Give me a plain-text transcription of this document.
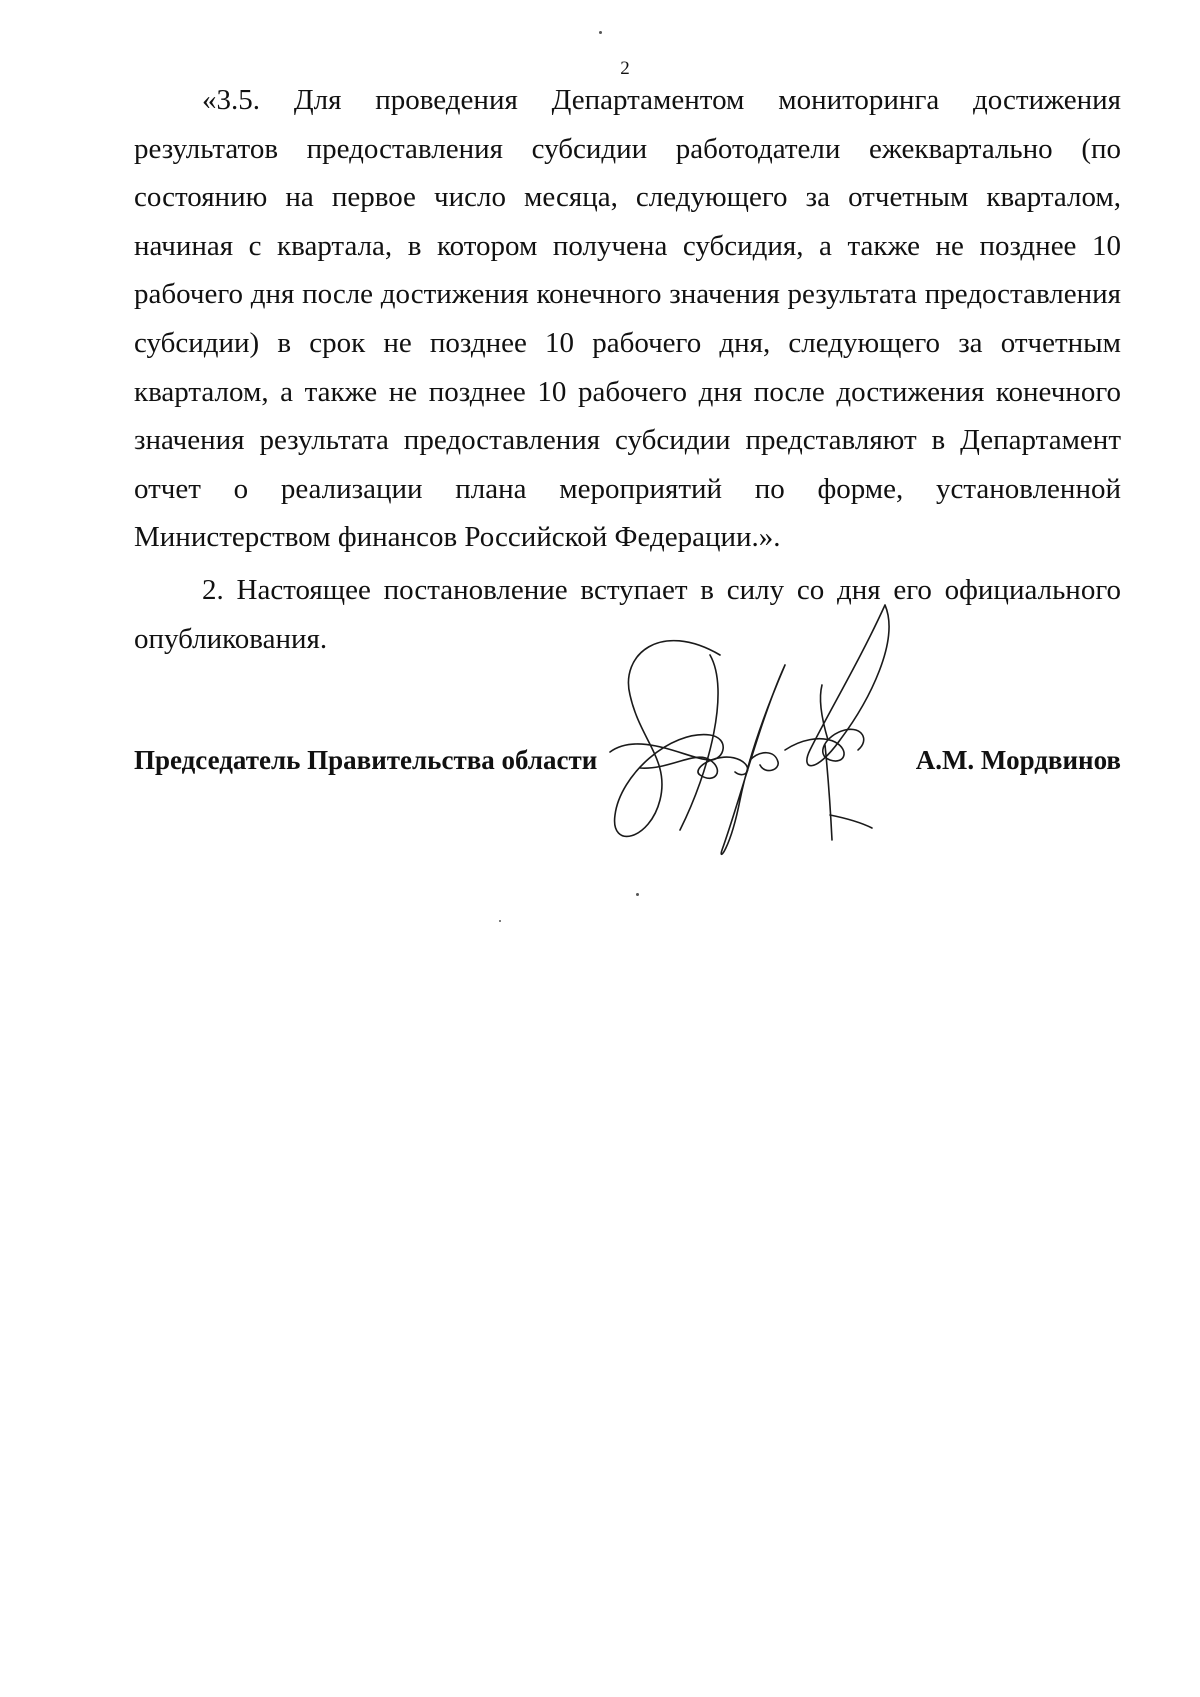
2

«3.5. Для проведения Департаментом мониторинга достижения результатов предоставления субсидии работодатели ежеквартально (по состоянию на первое число месяца, следующего за отчетным кварталом, начиная с квартала, в котором получена субсидия, а также не позднее 10 рабочего дня после достижения конечного значения результата предоставления субсидии) в срок не позднее 10 рабочего дня, следующего за отчетным кварталом, а также не позднее 10 рабочего дня после достижения конечного значения результата предоставления субсидии представляют в Департамент отчет о реализации плана мероприятий по форме, установленной Министерством финансов Российской Федерации.».

2. Настоящее постановление вступает в силу со дня его официального опубликования.

Председатель Правительства области	А.М. Мордвинов
